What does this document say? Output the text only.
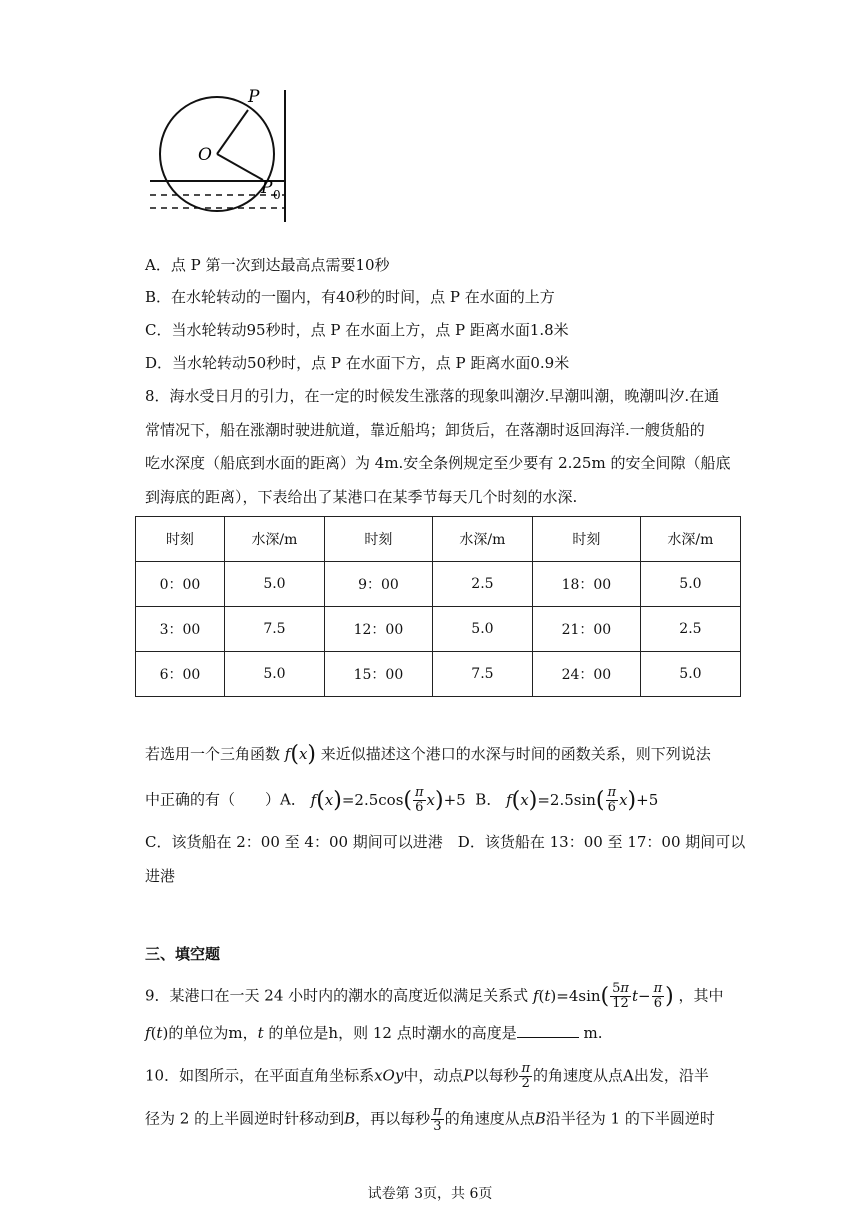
P
O
P 0
A．点 P 第一次到达最高点需要10秒
B．在水轮转动的一圈内，有40秒的时间，点 P 在水面的上方
C．当水轮转动95秒时，点 P 在水面上方，点 P 距离水面1.8米
D．当水轮转动50秒时，点 P 在水面下方，点 P 距离水面0.9米
8．海水受日月的引力，在一定的时候发生涨落的现象叫潮汐.早潮叫潮，晚潮叫汐.在通
常情况下，船在涨潮时驶进航道，靠近船坞；卸货后，在落潮时返回海洋.一艘货船的
吃水深度（船底到水面的距离）为 4m.安全条例规定至少要有 2.25m 的安全间隙（船底
到海底的距离），下表给出了某港口在某季节每天几个时刻的水深.
时刻	水深/m	时刻	水深/m	时刻	水深/m
0：00	5.0	9：00	2.5	18：00	5.0
3：00	7.5	12：00	5.0	21：00	2.5
6：00	5.0	15：00	7.5	24：00	5.0
若选用一个三角函数 f(x) 来近似描述这个港口的水深与时间的函数关系，则下列说法
中正确的有（　　）A． $f(x)=2.5\cos( \frac{\pi}{6} x)+5$ B． $f(x)=2.5\sin( \frac{\pi}{6} x)+5$
C．该货船在 2：00 至 4：00 期间可以进港　D．该货船在 13：00 至 17：00 期间可以
进港
三、填空题
9．某港口在一天 24 小时内的潮水的高度近似满足关系式 $f(t)=4\sin( \frac{5\pi}{12} t- \frac{\pi}{6}$ ) ，其中
f(t)的单位为m，t 的单位是h，则 12 点时潮水的高度是	m.
10．如图所示，在平面直角坐标系xOy中，动点P以每秒 $\frac{\pi}{2}$ 的角速度从点A出发，沿半
径为 2 的上半圆逆时针移动到B，再以每秒 $\frac{\pi}{3}$ 的角速度从点B沿半径为 1 的下半圆逆时
试卷第 3页，共 6页
